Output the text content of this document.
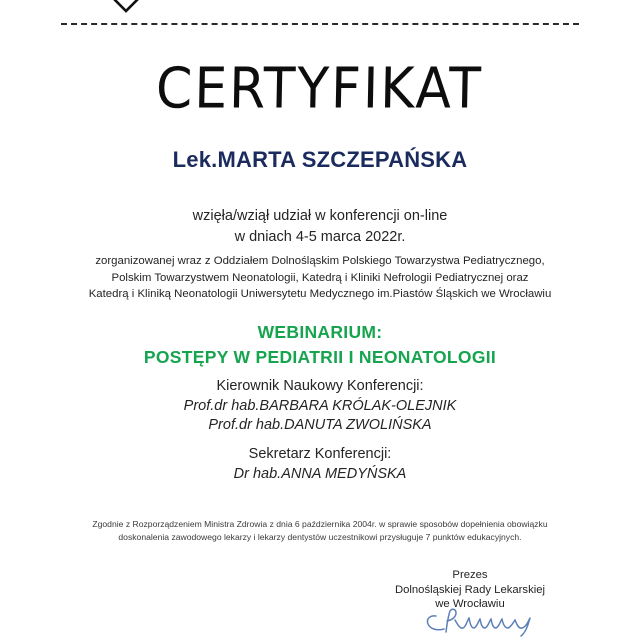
CERTYFIKAT
Lek.MARTA SZCZEPAŃSKA
wzięła/wziął udział w konferencji on-line
w dniach 4-5 marca 2022r.
zorganizowanej wraz z Oddziałem Dolnośląskim Polskiego Towarzystwa Pediatrycznego,
Polskim Towarzystwem Neonatologii, Katedrą i Kliniki Nefrologii Pediatrycznej oraz
Katedrą i Kliniką Neonatologii Uniwersytetu Medycznego im.Piastów Śląskich we Wrocławiu
WEBINARIUM:
POSTĘPY W PEDIATRII I NEONATOLOGII
Kierownik Naukowy Konferencji:
Prof.dr hab.BARBARA KRÓLAK-OLEJNIK
Prof.dr hab.DANUTA ZWOLIŃSKA
Sekretarz Konferencji:
Dr hab.ANNA MEDYŃSKA
Zgodnie z Rozporządzeniem Ministra Zdrowia z dnia 6 października 2004r. w sprawie sposobów dopełnienia obowiązku
doskonalenia zawodowego lekarzy i lekarzy dentystów uczestnikowi przysługuje 7 punktów edukacyjnych.
Prezes
Dolnośląskiej Rady Lekarskiej
we Wrocławiu
